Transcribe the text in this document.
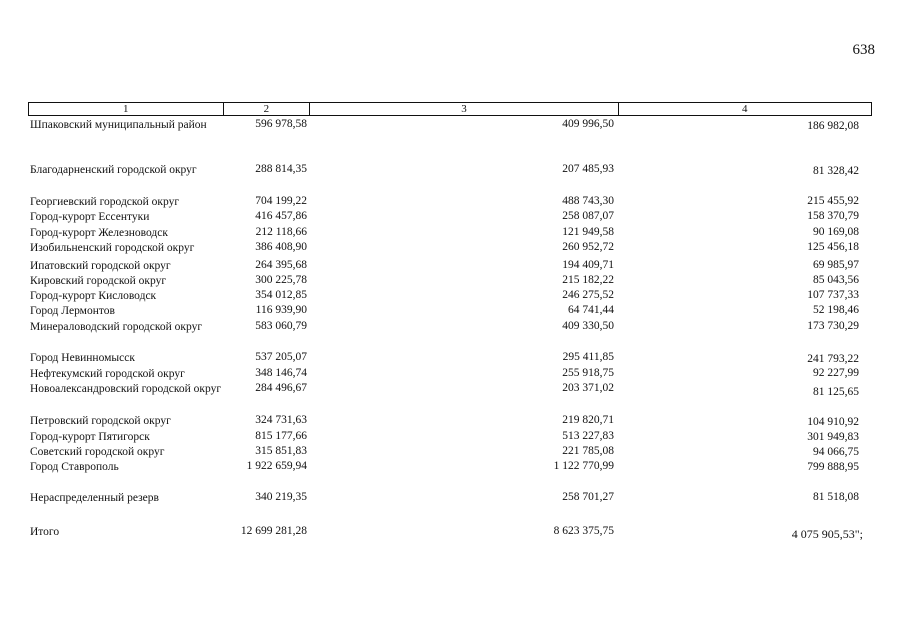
638
1	2	3	4
Шпаковский муниципальный район	596 978,58	409 996,50	186 982,08
Благодарненский городской округ	288 814,35	207 485,93	81 328,42
Георгиевский городской округ	704 199,22	488 743,30	215 455,92
Город-курорт Ессентуки	416 457,86	258 087,07	158 370,79
Город-курорт Железноводск	212 118,66	121 949,58	90 169,08
Изобильненский городской округ	386 408,90	260 952,72	125 456,18
Ипатовский городской округ	264 395,68	194 409,71	69 985,97
Кировский городской округ	300 225,78	215 182,22	85 043,56
Город-курорт Кисловодск	354 012,85	246 275,52	107 737,33
Город Лермонтов	116 939,90	64 741,44	52 198,46
Минераловодский городской округ	583 060,79	409 330,50	173 730,29
Город Невинномысск	537 205,07	295 411,85	241 793,22
Нефтекумский городской округ	348 146,74	255 918,75	92 227,99
Новоалександровский городской округ	284 496,67	203 371,02	81 125,65
Петровский городской округ	324 731,63	219 820,71	104 910,92
Город-курорт Пятигорск	815 177,66	513 227,83	301 949,83
Советский городской округ	315 851,83	221 785,08	94 066,75
Город Ставрополь	1 922 659,94	1 122 770,99	799 888,95
Нераспределенный резерв	340 219,35	258 701,27	81 518,08
Итого	12 699 281,28	8 623 375,75	4 075 905,53";
